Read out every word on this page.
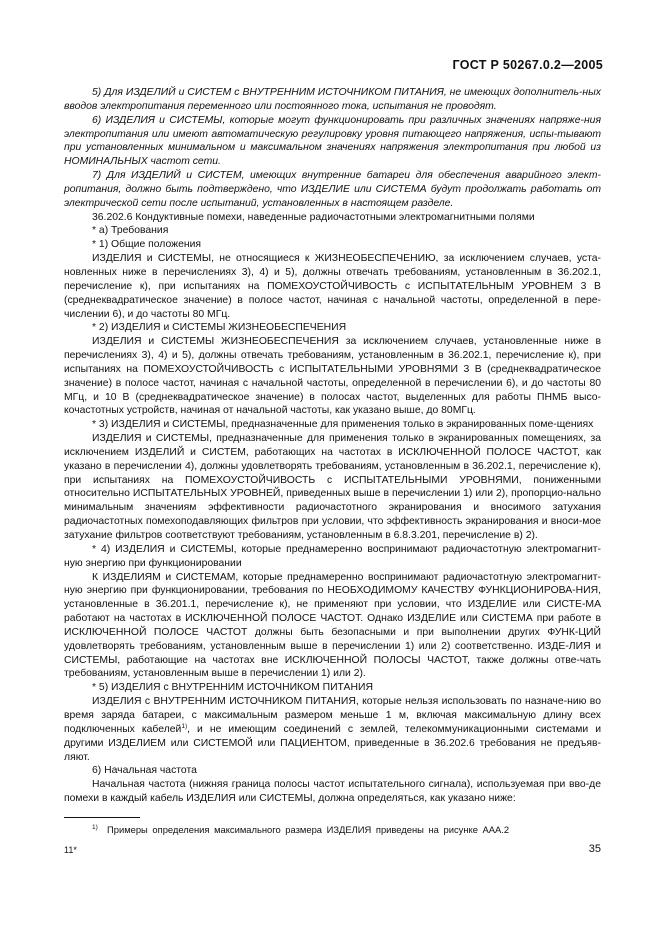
ГОСТ Р 50267.0.2—2005

5) Для ИЗДЕЛИЙ и СИСТЕМ с ВНУТРЕННИМ ИСТОЧНИКОМ ПИТАНИЯ, не имеющих дополнитель-ных вводов электропитания переменного или постоянного тока, испытания не проводят.

6) ИЗДЕЛИЯ и СИСТЕМЫ, которые могут функционировать при различных значениях напряже-ния электропитания или имеют автоматическую регулировку уровня питающего напряжения, испы-тывают при установленных минимальном и максимальном значениях напряжения электропитания при любой из НОМИНАЛЬНЫХ частот сети.

7) Для ИЗДЕЛИЙ и СИСТЕМ, имеющих внутренние батареи для обеспечения аварийного элект-ропитания, должно быть подтверждено, что ИЗДЕЛИЕ или СИСТЕМА будут продолжать работать от электрической сети после испытаний, установленных в настоящем разделе.

36.202.6 Кондуктивные помехи, наведенные радиочастотными электромагнитными полями

* а) Требования

* 1) Общие положения

ИЗДЕЛИЯ и СИСТЕМЫ, не относящиеся к ЖИЗНЕОБЕСПЕЧЕНИЮ, за исключением случаев, уста-новленных ниже в перечислениях 3), 4) и 5), должны отвечать требованиям, установленным в 36.202.1, перечисление к), при испытаниях на ПОМЕХОУСТОЙЧИВОСТЬ с ИСПЫТАТЕЛЬНЫМ УРОВНЕМ 3 В (среднеквадратическое значение) в полосе частот, начиная с начальной частоты, определенной в пере-числении 6), и до частоты 80 МГц.

* 2) ИЗДЕЛИЯ и СИСТЕМЫ ЖИЗНЕОБЕСПЕЧЕНИЯ

ИЗДЕЛИЯ и СИСТЕМЫ ЖИЗНЕОБЕСПЕЧЕНИЯ за исключением случаев, установленные ниже в перечислениях 3), 4) и 5), должны отвечать требованиям, установленным в 36.202.1, перечисление к), при испытаниях на ПОМЕХОУСТОЙЧИВОСТЬ с ИСПЫТАТЕЛЬНЫМИ УРОВНЯМИ 3 В (среднеквадратическое значение) в полосе частот, начиная с начальной частоты, определенной в перечислении 6), и до частоты 80 МГц, и 10 В (среднеквадратическое значение) в полосах частот, выделенных для работы ПНМБ высо-кочастотных устройств, начиная от начальной частоты, как указано выше, до 80МГц.

* 3) ИЗДЕЛИЯ и СИСТЕМЫ, предназначенные для применения только в экранированных поме-щениях

ИЗДЕЛИЯ и СИСТЕМЫ, предназначенные для применения только в экранированных помещениях, за исключением ИЗДЕЛИЙ и СИСТЕМ, работающих на частотах в ИСКЛЮЧЕННОЙ ПОЛОСЕ ЧАСТОТ, как указано в перечислении 4), должны удовлетворять требованиям, установленным в 36.202.1, перечисление к), при испытаниях на ПОМЕХОУСТОЙЧИВОСТЬ с ИСПЫТАТЕЛЬНЫМИ УРОВНЯМИ, пониженными относительно ИСПЫТАТЕЛЬНЫХ УРОВНЕЙ, приведенных выше в перечислении 1) или 2), пропорцио-нально минимальным значениям эффективности радиочастотного экранирования и вносимого затухания радиочастотных помехоподавляющих фильтров при условии, что эффективность экранирования и вноси-мое затухание фильтров соответствуют требованиям, установленным в 6.8.3.201, перечисление в) 2).

* 4) ИЗДЕЛИЯ и СИСТЕМЫ, которые преднамеренно воспринимают радиочастотную электромагнит-ную энергию при функционировании

К ИЗДЕЛИЯМ и СИСТЕМАМ, которые преднамеренно воспринимают радиочастотную электромагнит-ную энергию при функционировании, требования по НЕОБХОДИМОМУ КАЧЕСТВУ ФУНКЦИОНИРОВА-НИЯ, установленные в 36.201.1, перечисление к), не применяют при условии, что ИЗДЕЛИЕ или СИСТЕ-МА работают на частотах в ИСКЛЮЧЕННОЙ ПОЛОСЕ ЧАСТОТ. Однако ИЗДЕЛИЕ или СИСТЕМА при работе в ИСКЛЮЧЕННОЙ ПОЛОСЕ ЧАСТОТ должны быть безопасными и при выполнении других ФУНК-ЦИЙ удовлетворять требованиям, установленным выше в перечислении 1) или 2) соответственно. ИЗДЕ-ЛИЯ и СИСТЕМЫ, работающие на частотах вне ИСКЛЮЧЕННОЙ ПОЛОСЫ ЧАСТОТ, также должны отве-чать требованиям, установленным выше в перечислении 1) или 2).

* 5) ИЗДЕЛИЯ с ВНУТРЕННИМ ИСТОЧНИКОМ ПИТАНИЯ

ИЗДЕЛИЯ с ВНУТРЕННИМ ИСТОЧНИКОМ ПИТАНИЯ, которые нельзя использовать по назначе-нию во время заряда батареи, с максимальным размером меньше 1 м, включая максимальную длину всех подключенных кабелей$^{1)}$, и не имеющим соединений с землей, телекоммуникационными системами и другими ИЗДЕЛИЕМ или СИСТЕМОЙ или ПАЦИЕНТОМ, приведенные в 36.202.6 требования не предъяв-ляют.

6) Начальная частота

Начальная частота (нижняя граница полосы частот испытательного сигнала), используемая при вво-де помехи в каждый кабель ИЗДЕЛИЯ или СИСТЕМЫ, должна определяться, как указано ниже:

$^{1)}$ Примеры определения максимального размера ИЗДЕЛИЯ приведены на рисунке ААА.2
11*	35
